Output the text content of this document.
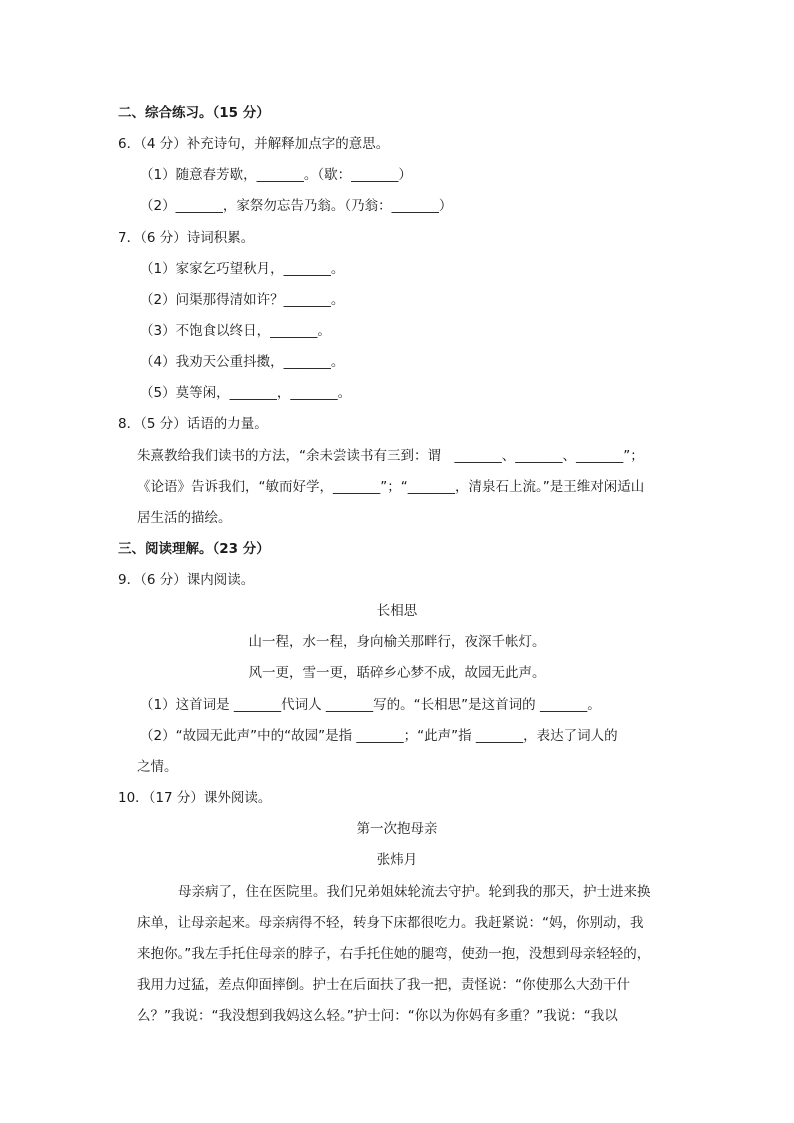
二、综合练习。（15 分）
6．（4 分）补充诗句，并解释加点字的意思。
（1）随意春芳歇，_______。（歇：_______）
（2）_______，家祭勿忘告乃翁。（乃翁：_______）
7．（6 分）诗词积累。
（1）家家乞巧望秋月，_______。
（2）问渠那得清如许？_______。
（3）不饱食以终日，_______。
（4）我劝天公重抖擞，_______。
（5）莫等闲，_______，_______。
8．（5 分）话语的力量。
朱熹教给我们读书的方法，“余未尝读书有三到：谓　_______、_______、_______”；
《论语》告诉我们，“敏而好学，_______”；“_______，清泉石上流。”是王维对闲适山
居生活的描绘。
三、阅读理解。（23 分）
9．（6 分）课内阅读。
长相思
山一程，水一程，身向榆关那畔行，夜深千帐灯。
风一更，雪一更，聒碎乡心梦不成，故园无此声。
（1）这首词是 _______代词人 _______写的。“长相思”是这首词的 _______。
（2）“故园无此声”中的“故园”是指 _______；“此声”指 _______，表达了词人的
之情。
10．（17 分）课外阅读。
第一次抱母亲
张炜月
母亲病了，住在医院里。我们兄弟姐妹轮流去守护。轮到我的那天，护士进来换
床单，让母亲起来。母亲病得不轻，转身下床都很吃力。我赶紧说：“妈，你别动，我
来抱你。”我左手托住母亲的脖子，右手托住她的腿弯，使劲一抱，没想到母亲轻轻的，
我用力过猛，差点仰面摔倒。护士在后面扶了我一把，责怪说：“你使那么大劲干什
么？”我说：“我没想到我妈这么轻。”护士问：“你以为你妈有多重？”我说：“我以
